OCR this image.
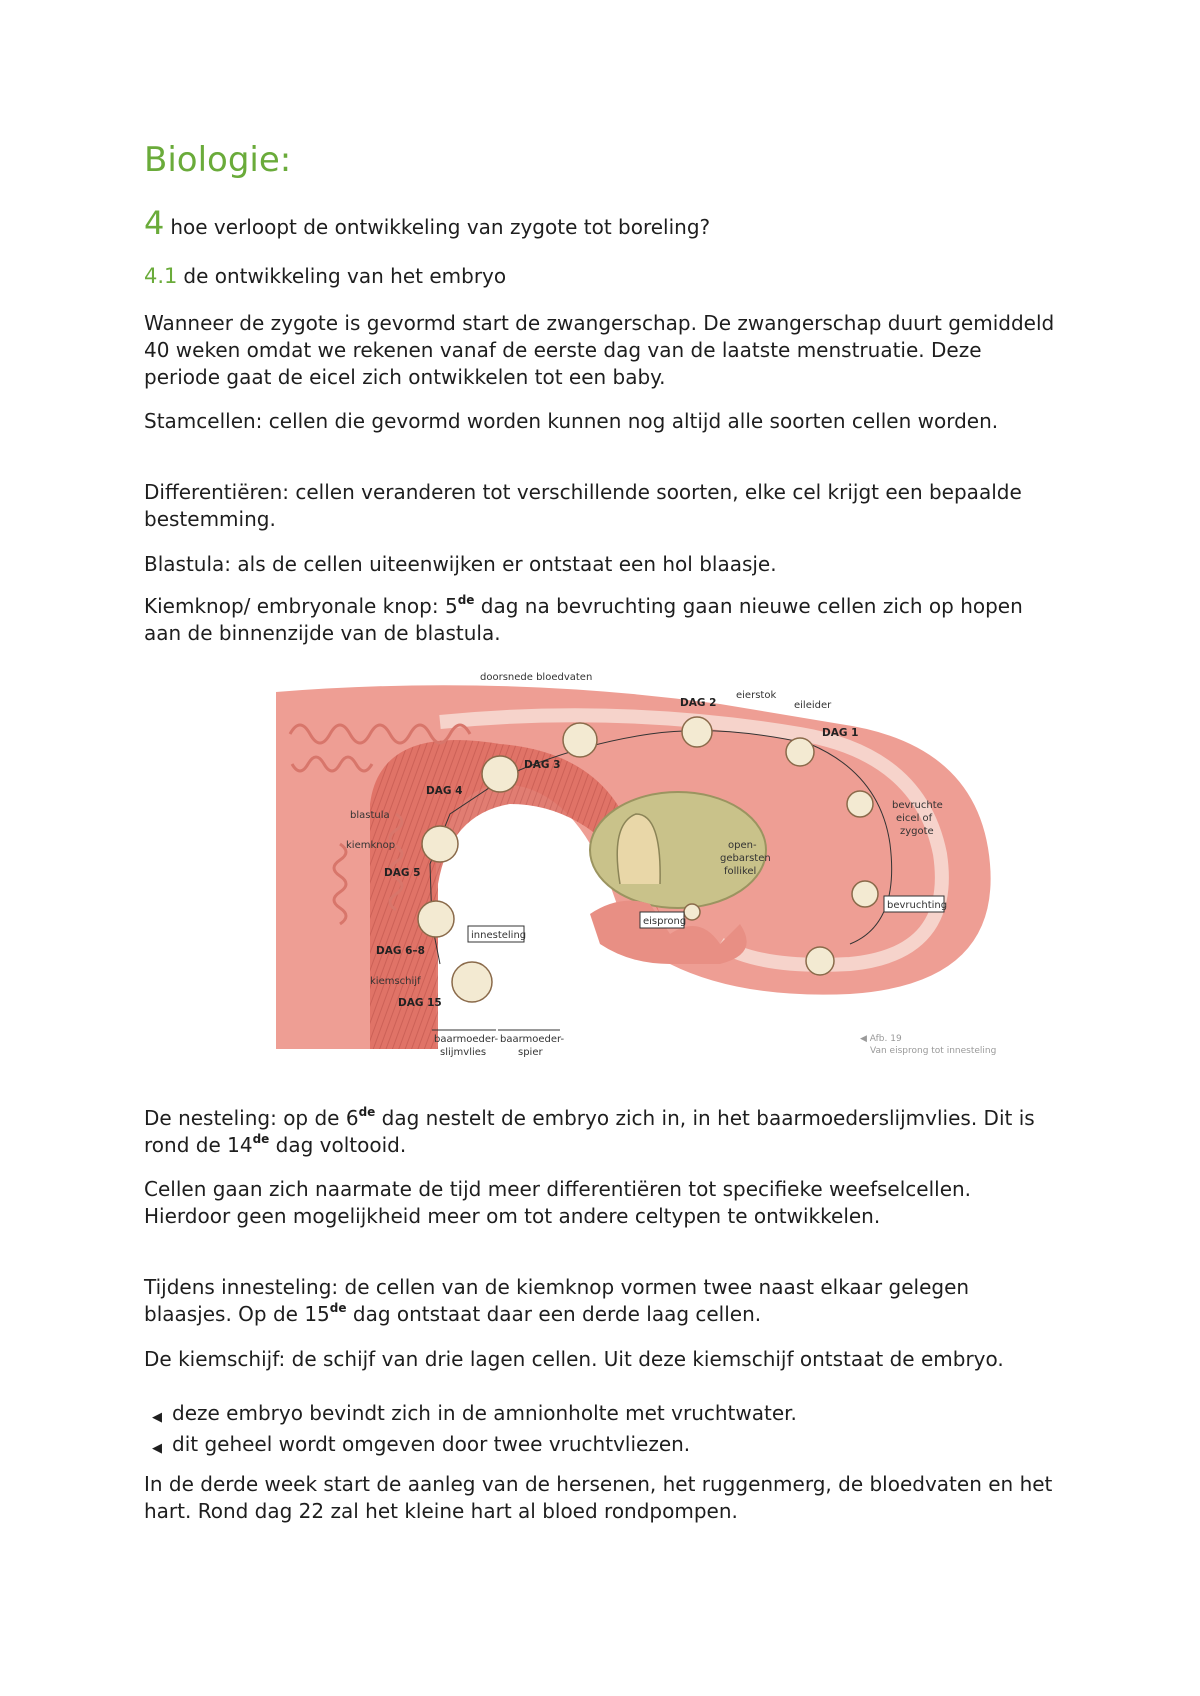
Biologie:
4 hoe verloopt de ontwikkeling van zygote tot boreling?
4.1 de ontwikkeling van het embryo

Wanneer de zygote is gevormd start de zwangerschap. De zwangerschap duurt gemiddeld 40 weken omdat we rekenen vanaf de eerste dag van de laatste menstruatie. Deze periode gaat de eicel zich ontwikkelen tot een baby.

Stamcellen: cellen die gevormd worden kunnen nog altijd alle soorten cellen worden.

Differentiëren: cellen veranderen tot verschillende soorten, elke cel krijgt een bepaalde bestemming.

Blastula: als de cellen uiteenwijken er ontstaat een hol blaasje.

Kiemknop/ embryonale knop: 5de dag na bevruchting gaan nieuwe cellen zich op hopen aan de binnenzijde van de blastula.

doorsnede bloedvaten
DAG 2
eierstok
eileider
DAG 1
DAG 3
DAG 4
blastula
kiemknop
DAG 5
bevruchte
eicel of
zygote
open-
gebarsten
follikel
bevruchting
eisprong
innesteling
DAG 6–8
kiemschijf
DAG 15
baarmoeder-
slijmvlies
baarmoeder-
spier
◀ Afb. 19
Van eisprong tot innesteling

De nesteling: op de 6de dag nestelt de embryo zich in, in het baarmoederslijmvlies. Dit is rond de 14de dag voltooid.

Cellen gaan zich naarmate de tijd meer differentiëren tot specifieke weefselcellen. Hierdoor geen mogelijkheid meer om tot andere celtypen te ontwikkelen.

Tijdens innesteling: de cellen van de kiemknop vormen twee naast elkaar gelegen blaasjes. Op de 15de dag ontstaat daar een derde laag cellen.

De kiemschijf: de schijf van drie lagen cellen. Uit deze kiemschijf ontstaat de embryo.

◀ deze embryo bevindt zich in de amnionholte met vruchtwater.
◀ dit geheel wordt omgeven door twee vruchtvliezen.

In de derde week start de aanleg van de hersenen, het ruggenmerg, de bloedvaten en het hart. Rond dag 22 zal het kleine hart al bloed rondpompen.
